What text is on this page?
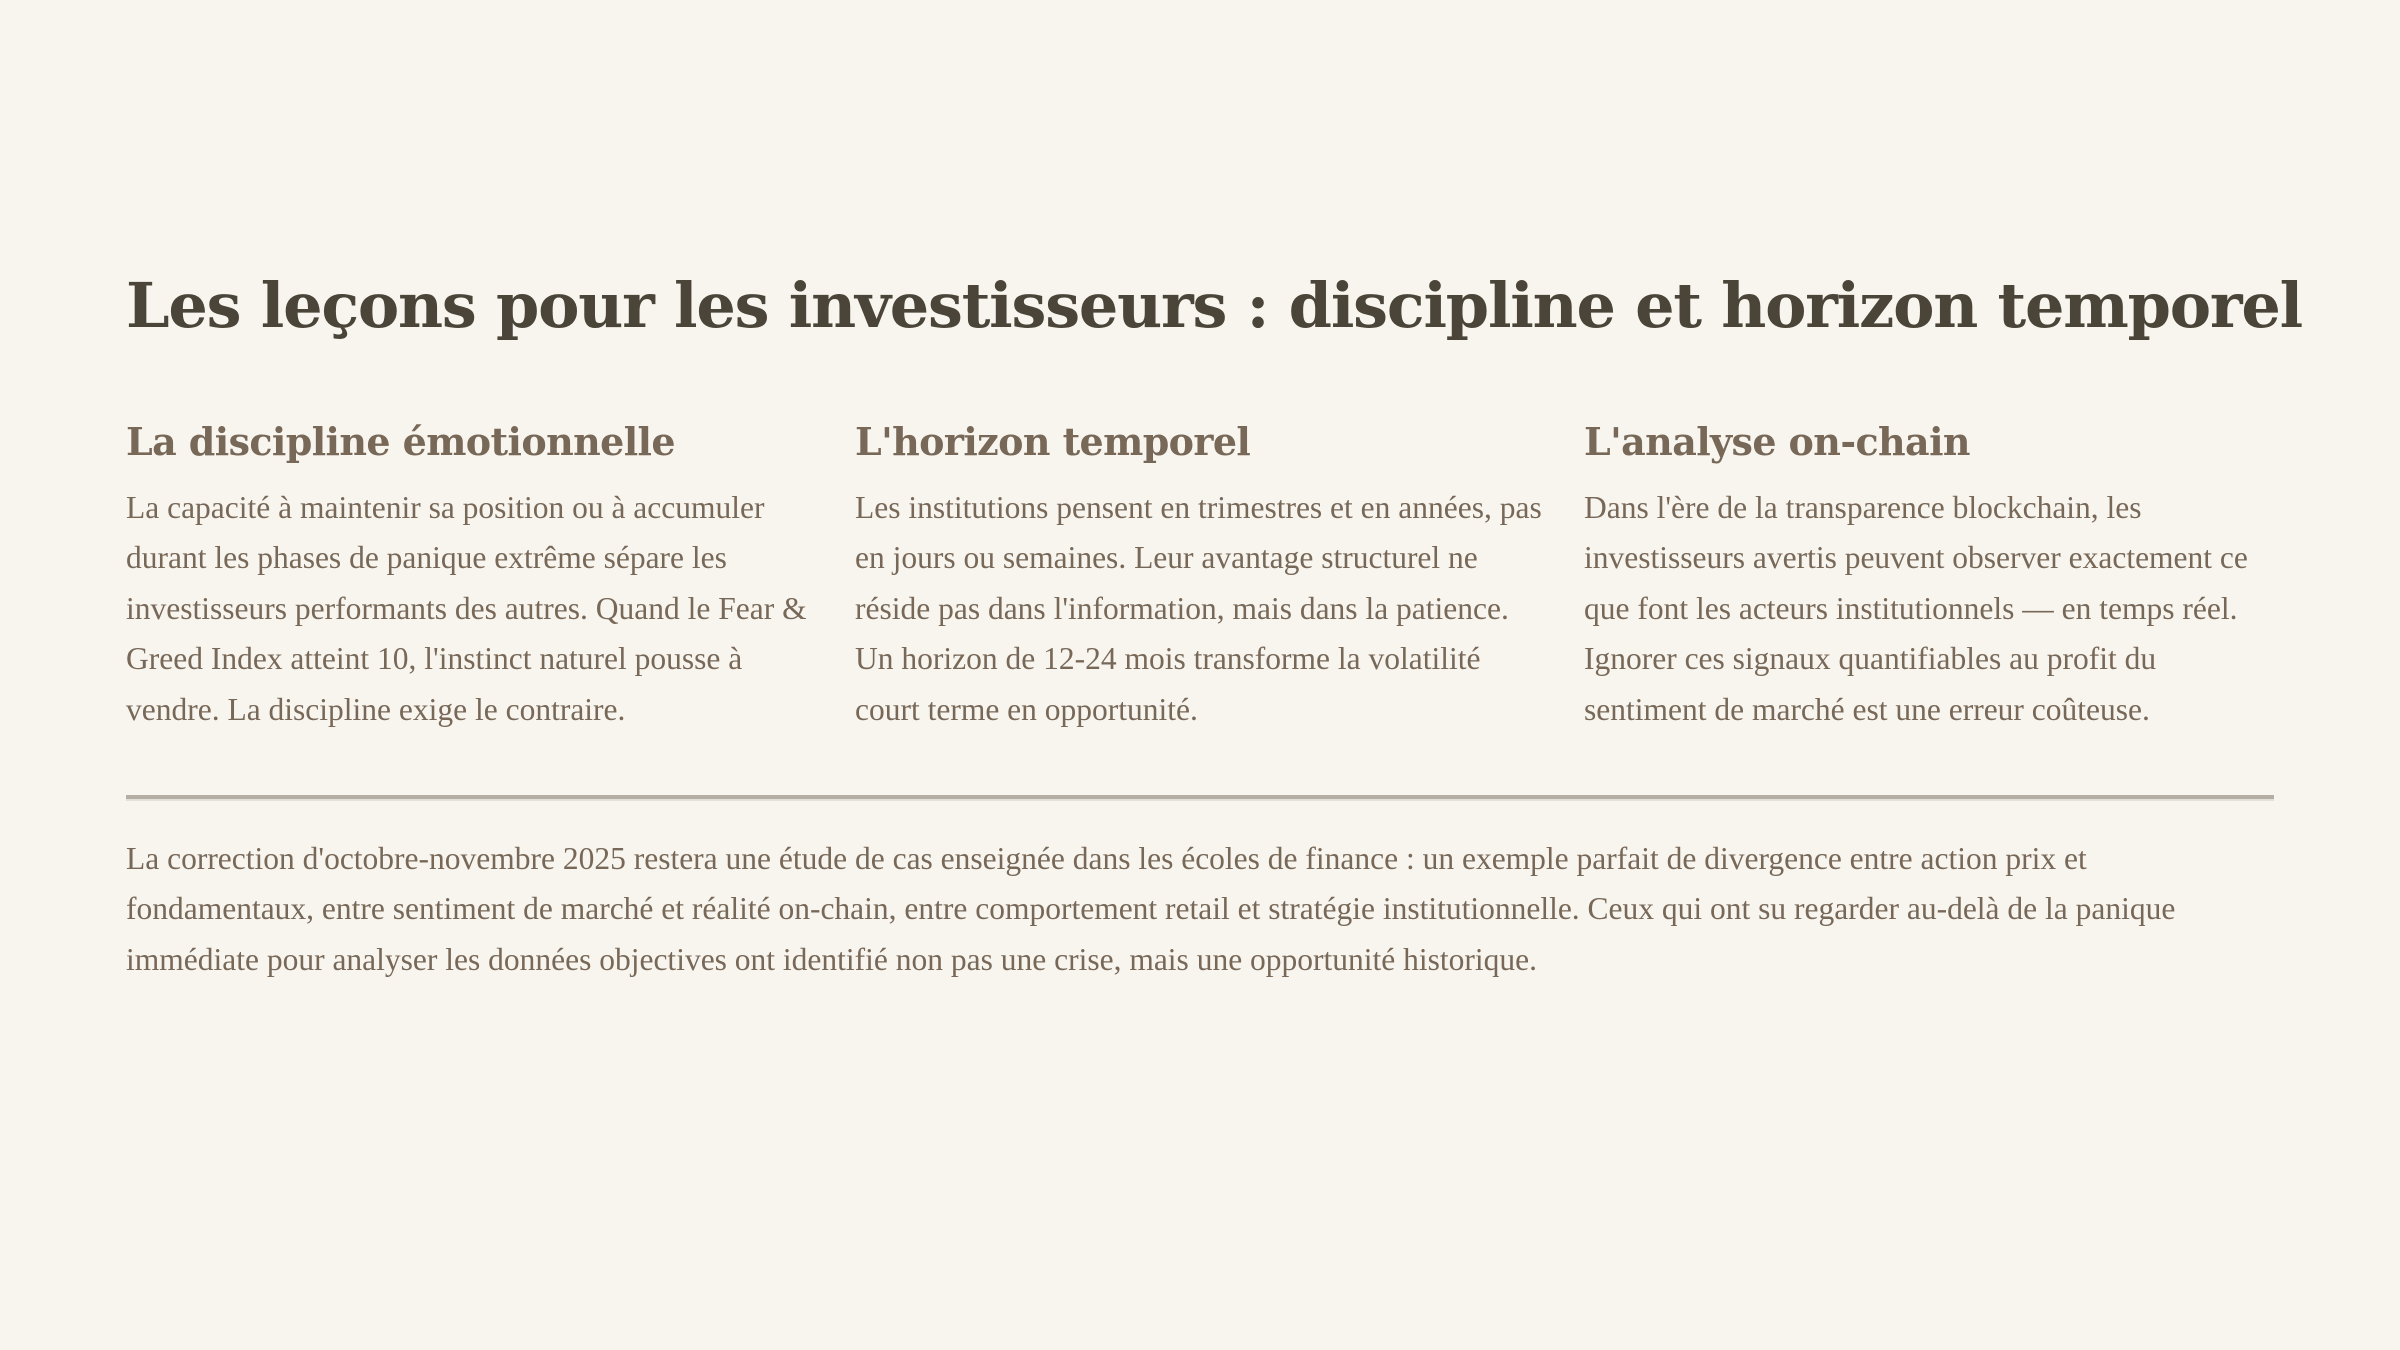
Les leçons pour les investisseurs : discipline et horizon temporel
La discipline émotionnelle

La capacité à maintenir sa position ou à accumuler durant les phases de panique extrême sépare les investisseurs performants des autres. Quand le Fear & Greed Index atteint 10, l'instinct naturel pousse à vendre. La discipline exige le contraire.

L'horizon temporel

Les institutions pensent en trimestres et en années, pas en jours ou semaines. Leur avantage structurel ne réside pas dans l'information, mais dans la patience. Un horizon de 12-24 mois transforme la volatilité court terme en opportunité.

L'analyse on-chain

Dans l'ère de la transparence blockchain, les investisseurs avertis peuvent observer exactement ce que font les acteurs institutionnels — en temps réel. Ignorer ces signaux quantifiables au profit du sentiment de marché est une erreur coûteuse.

La correction d'octobre-novembre 2025 restera une étude de cas enseignée dans les écoles de finance : un exemple parfait de divergence entre action prix et fondamentaux, entre sentiment de marché et réalité on-chain, entre comportement retail et stratégie institutionnelle. Ceux qui ont su regarder au-delà de la panique immédiate pour analyser les données objectives ont identifié non pas une crise, mais une opportunité historique.
